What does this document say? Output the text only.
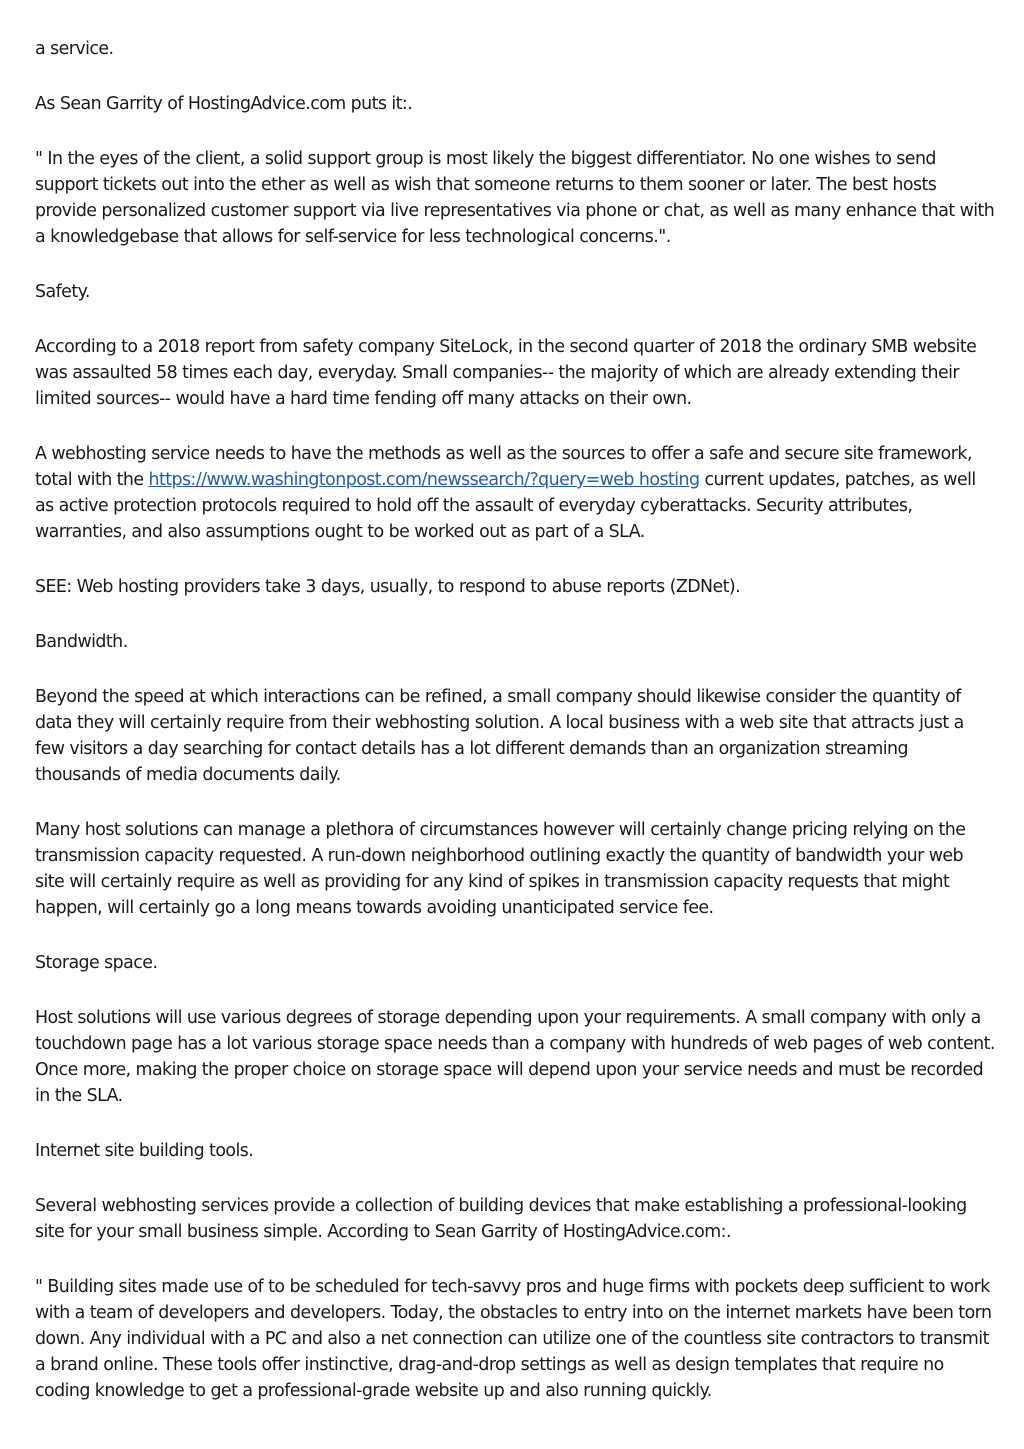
a service.

As Sean Garrity of HostingAdvice.com puts it:.

" In the eyes of the client, a solid support group is most likely the biggest differentiator. No one wishes to send support tickets out into the ether as well as wish that someone returns to them sooner or later. The best hosts provide personalized customer support via live representatives via phone or chat, as well as many enhance that with a knowledgebase that allows for self-service for less technological concerns.".

Safety.

According to a 2018 report from safety company SiteLock, in the second quarter of 2018 the ordinary SMB website was assaulted 58 times each day, everyday. Small companies-- the majority of which are already extending their limited sources-- would have a hard time fending off many attacks on their own.

A webhosting service needs to have the methods as well as the sources to offer a safe and secure site framework, total with the https://www.washingtonpost.com/newssearch/?query=web hosting current updates, patches, as well as active protection protocols required to hold off the assault of everyday cyberattacks. Security attributes, warranties, and also assumptions ought to be worked out as part of a SLA.

SEE: Web hosting providers take 3 days, usually, to respond to abuse reports (ZDNet).

Bandwidth.

Beyond the speed at which interactions can be refined, a small company should likewise consider the quantity of data they will certainly require from their webhosting solution. A local business with a web site that attracts just a few visitors a day searching for contact details has a lot different demands than an organization streaming thousands of media documents daily.

Many host solutions can manage a plethora of circumstances however will certainly change pricing relying on the transmission capacity requested. A run-down neighborhood outlining exactly the quantity of bandwidth your web site will certainly require as well as providing for any kind of spikes in transmission capacity requests that might happen, will certainly go a long means towards avoiding unanticipated service fee.

Storage space.

Host solutions will use various degrees of storage depending upon your requirements. A small company with only a touchdown page has a lot various storage space needs than a company with hundreds of web pages of web content. Once more, making the proper choice on storage space will depend upon your service needs and must be recorded in the SLA.

Internet site building tools.

Several webhosting services provide a collection of building devices that make establishing a professional-looking site for your small business simple. According to Sean Garrity of HostingAdvice.com:.

" Building sites made use of to be scheduled for tech-savvy pros and huge firms with pockets deep sufficient to work with a team of developers and developers. Today, the obstacles to entry into on the internet markets have been torn down. Any individual with a PC and also a net connection can utilize one of the countless site contractors to transmit a brand online. These tools offer instinctive, drag-and-drop settings as well as design templates that require no coding knowledge to get a professional-grade website up and also running quickly.
